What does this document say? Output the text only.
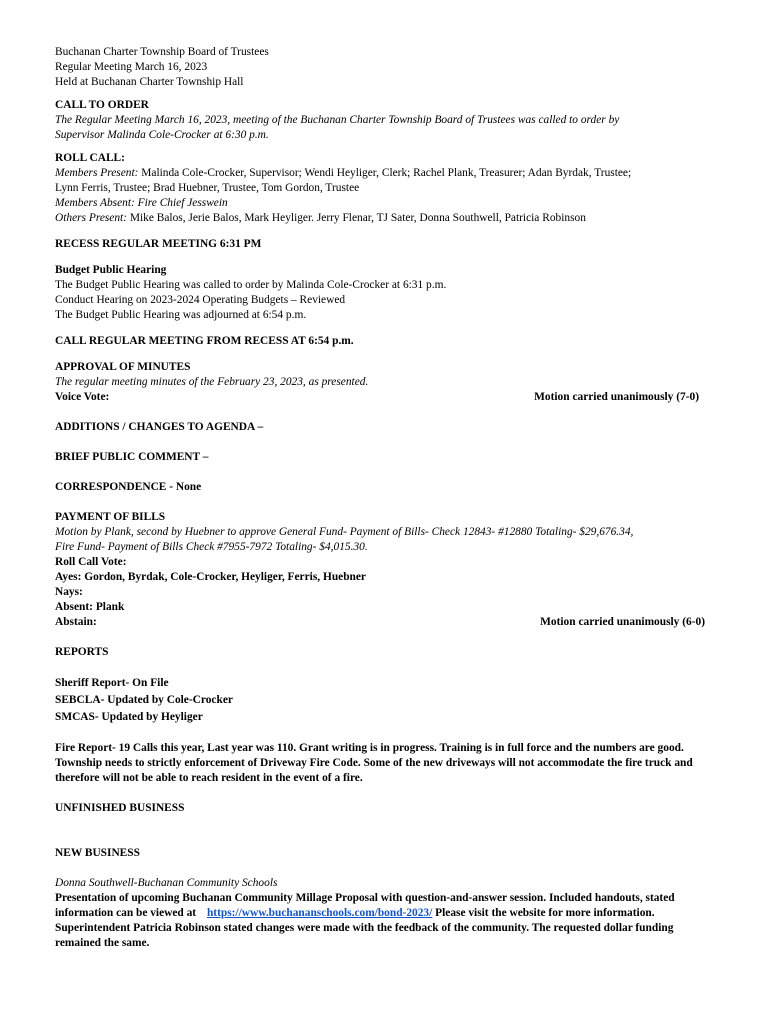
Buchanan Charter Township Board of Trustees
Regular Meeting March 16, 2023
Held at Buchanan Charter Township Hall
CALL TO ORDER
The Regular Meeting March 16, 2023, meeting of the Buchanan Charter Township Board of Trustees was called to order by
Supervisor Malinda Cole-Crocker at 6:30 p.m.
ROLL CALL:
Members Present: Malinda Cole-Crocker, Supervisor; Wendi Heyliger, Clerk; Rachel Plank, Treasurer; Adan Byrdak, Trustee;
Lynn Ferris, Trustee; Brad Huebner, Trustee, Tom Gordon, Trustee
Members Absent: Fire Chief Jesswein
Others Present: Mike Balos, Jerie Balos, Mark Heyliger. Jerry Flenar, TJ Sater, Donna Southwell, Patricia Robinson
RECESS REGULAR MEETING 6:31 PM
Budget Public Hearing
The Budget Public Hearing was called to order by Malinda Cole-Crocker at 6:31 p.m.
Conduct Hearing on 2023-2024 Operating Budgets – Reviewed
The Budget Public Hearing was adjourned at 6:54 p.m.
CALL REGULAR MEETING FROM RECESS AT 6:54 p.m.
APPROVAL OF MINUTES
The regular meeting minutes of the February 23, 2023, as presented.
Voice Vote:	Motion carried unanimously (7-0)
ADDITIONS / CHANGES TO AGENDA –
BRIEF PUBLIC COMMENT –
CORRESPONDENCE - None
PAYMENT OF BILLS
Motion by Plank, second by Huebner to approve General Fund- Payment of Bills- Check 12843- #12880 Totaling- $29,676.34,
Fire Fund- Payment of Bills Check #7955-7972 Totaling- $4,015.30.
Roll Call Vote:
Ayes: Gordon, Byrdak, Cole-Crocker, Heyliger, Ferris, Huebner
Nays:
Absent: Plank
Abstain:	Motion carried unanimously (6-0)
REPORTS
Sheriff Report- On File
SEBCLA- Updated by Cole-Crocker
SMCAS- Updated by Heyliger
Fire Report- 19 Calls this year, Last year was 110. Grant writing is in progress. Training is in full force and the numbers are good. Township needs to strictly enforcement of Driveway Fire Code. Some of the new driveways will not accommodate the fire truck and therefore will not be able to reach resident in the event of a fire.
UNFINISHED BUSINESS
NEW BUSINESS
Donna Southwell-Buchanan Community Schools
Presentation of upcoming Buchanan Community Millage Proposal with question-and-answer session. Included handouts, stated information can be viewed at https://www.buchananschools.com/bond-2023/ Please visit the website for more information. Superintendent Patricia Robinson stated changes were made with the feedback of the community. The requested dollar funding remained the same.
